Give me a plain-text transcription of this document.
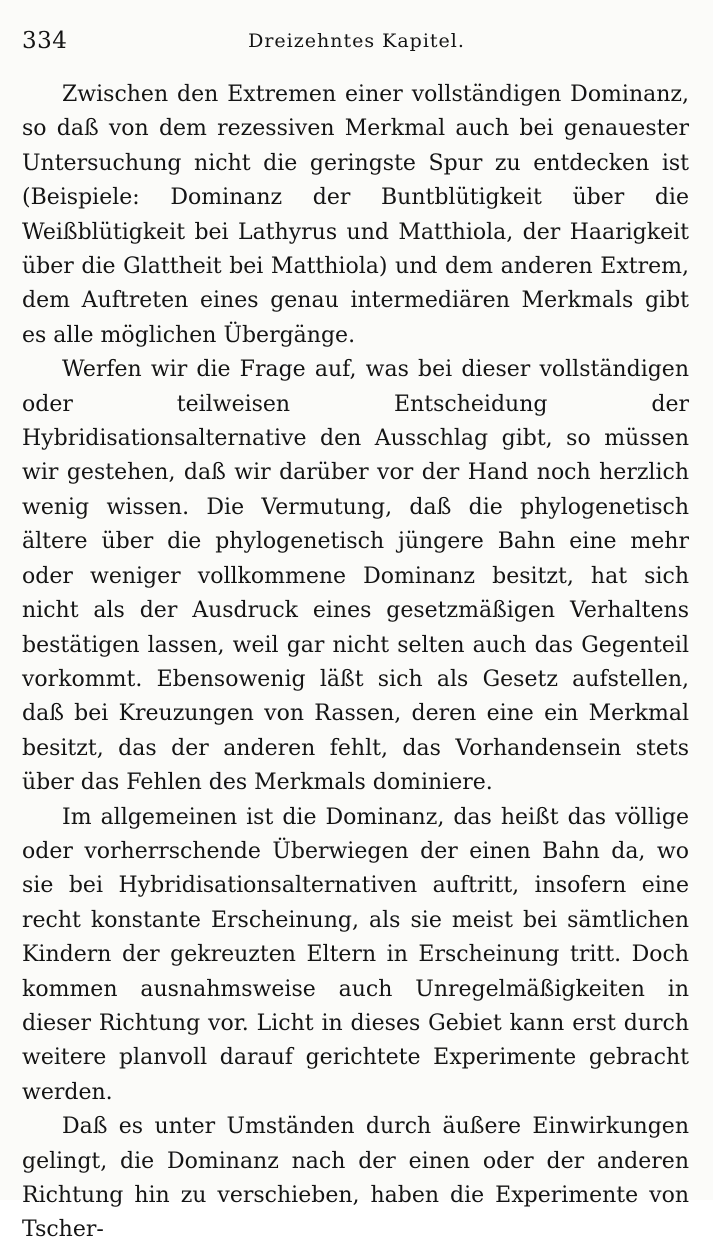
334	Dreizehntes Kapitel.

Zwischen den Extremen einer vollständigen Dominanz, so daß von dem rezessiven Merkmal auch bei genauester Untersuchung nicht die geringste Spur zu entdecken ist (Beispiele: Dominanz der Buntblütigkeit über die Weißblütigkeit bei Lathyrus und Matthiola, der Haarigkeit über die Glattheit bei Matthiola) und dem anderen Extrem, dem Auftreten eines genau intermediären Merkmals gibt es alle möglichen Übergänge.

Werfen wir die Frage auf, was bei dieser vollständigen oder teilweisen Entscheidung der Hybridisationsalternative den Ausschlag gibt, so müssen wir gestehen, daß wir darüber vor der Hand noch herzlich wenig wissen. Die Vermutung, daß die phylogenetisch ältere über die phylogenetisch jüngere Bahn eine mehr oder weniger vollkommene Dominanz besitzt, hat sich nicht als der Ausdruck eines gesetzmäßigen Verhaltens bestätigen lassen, weil gar nicht selten auch das Gegenteil vorkommt. Ebensowenig läßt sich als Gesetz aufstellen, daß bei Kreuzungen von Rassen, deren eine ein Merkmal besitzt, das der anderen fehlt, das Vorhandensein stets über das Fehlen des Merkmals dominiere.

Im allgemeinen ist die Dominanz, das heißt das völlige oder vorherrschende Überwiegen der einen Bahn da, wo sie bei Hybridisationsalternativen auftritt, insofern eine recht konstante Erscheinung, als sie meist bei sämtlichen Kindern der gekreuzten Eltern in Erscheinung tritt. Doch kommen ausnahmsweise auch Unregelmäßigkeiten in dieser Richtung vor. Licht in dieses Gebiet kann erst durch weitere planvoll darauf gerichtete Experimente gebracht werden.

Daß es unter Umständen durch äußere Einwirkungen gelingt, die Dominanz nach der einen oder der anderen Richtung hin zu verschieben, haben die Experimente von Tscher-
